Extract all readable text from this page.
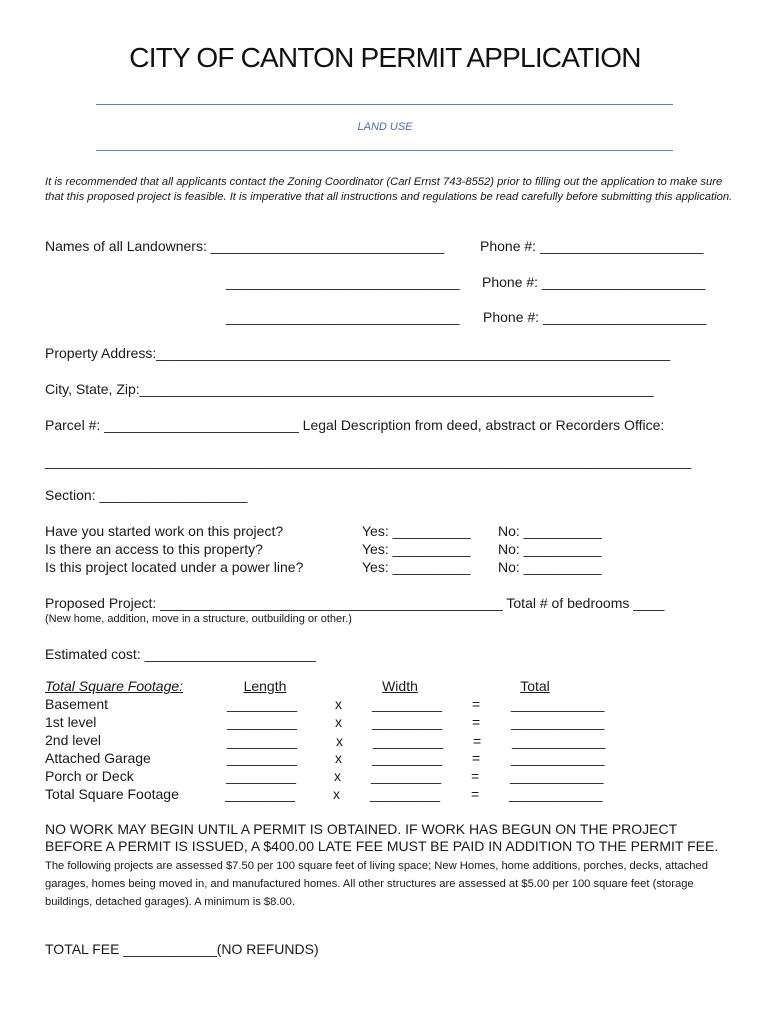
CITY OF CANTON PERMIT APPLICATION
LAND USE
It is recommended that all applicants contact the Zoning Coordinator (Carl Ernst 743-8552) prior to filling out the application to make sure that this proposed project is feasible. It is imperative that all instructions and regulations be read carefully before submitting this application.
Names of all Landowners: ______________________________	Phone #: _____________________
______________________________ Phone #: _____________________
______________________________ Phone #: _____________________
Property Address:__________________________________________________________________
City, State, Zip:__________________________________________________________________
Parcel #: _________________________ Legal Description from deed, abstract or Recorders Office:
___________________________________________________________________________________
Section: ___________________
Have you started work on this project?	Yes: __________ No: __________
Is there an access to this property?	Yes: __________ No: __________
Is this project located under a power line?	Yes: __________ No: __________
Proposed Project: ____________________________________________ Total # of bedrooms ____
(New home, addition, move in a structure, outbuilding or other.)
Estimated cost: ______________________
Total Square Footage:	Length	Width	Total
Basement	_________	x _________ = ____________
1st level	_________	x _________ = ____________
2nd level	_________	x _________ = ____________
Attached Garage	_________	x _________ = ____________
Porch or Deck	_________	x _________ = ____________
Total Square Footage	_________	x _________ = ____________
NO WORK MAY BEGIN UNTIL A PERMIT IS OBTAINED. IF WORK HAS BEGUN ON THE PROJECT BEFORE A PERMIT IS ISSUED, A $400.00 LATE FEE MUST BE PAID IN ADDITION TO THE PERMIT FEE. The following projects are assessed $7.50 per 100 square feet of living space; New Homes, home additions, porches, decks, attached garages, homes being moved in, and manufactured homes. All other structures are assessed at $5.00 per 100 square feet (storage buildings, detached garages). A minimum is $8.00.
TOTAL FEE ____________(NO REFUNDS)
